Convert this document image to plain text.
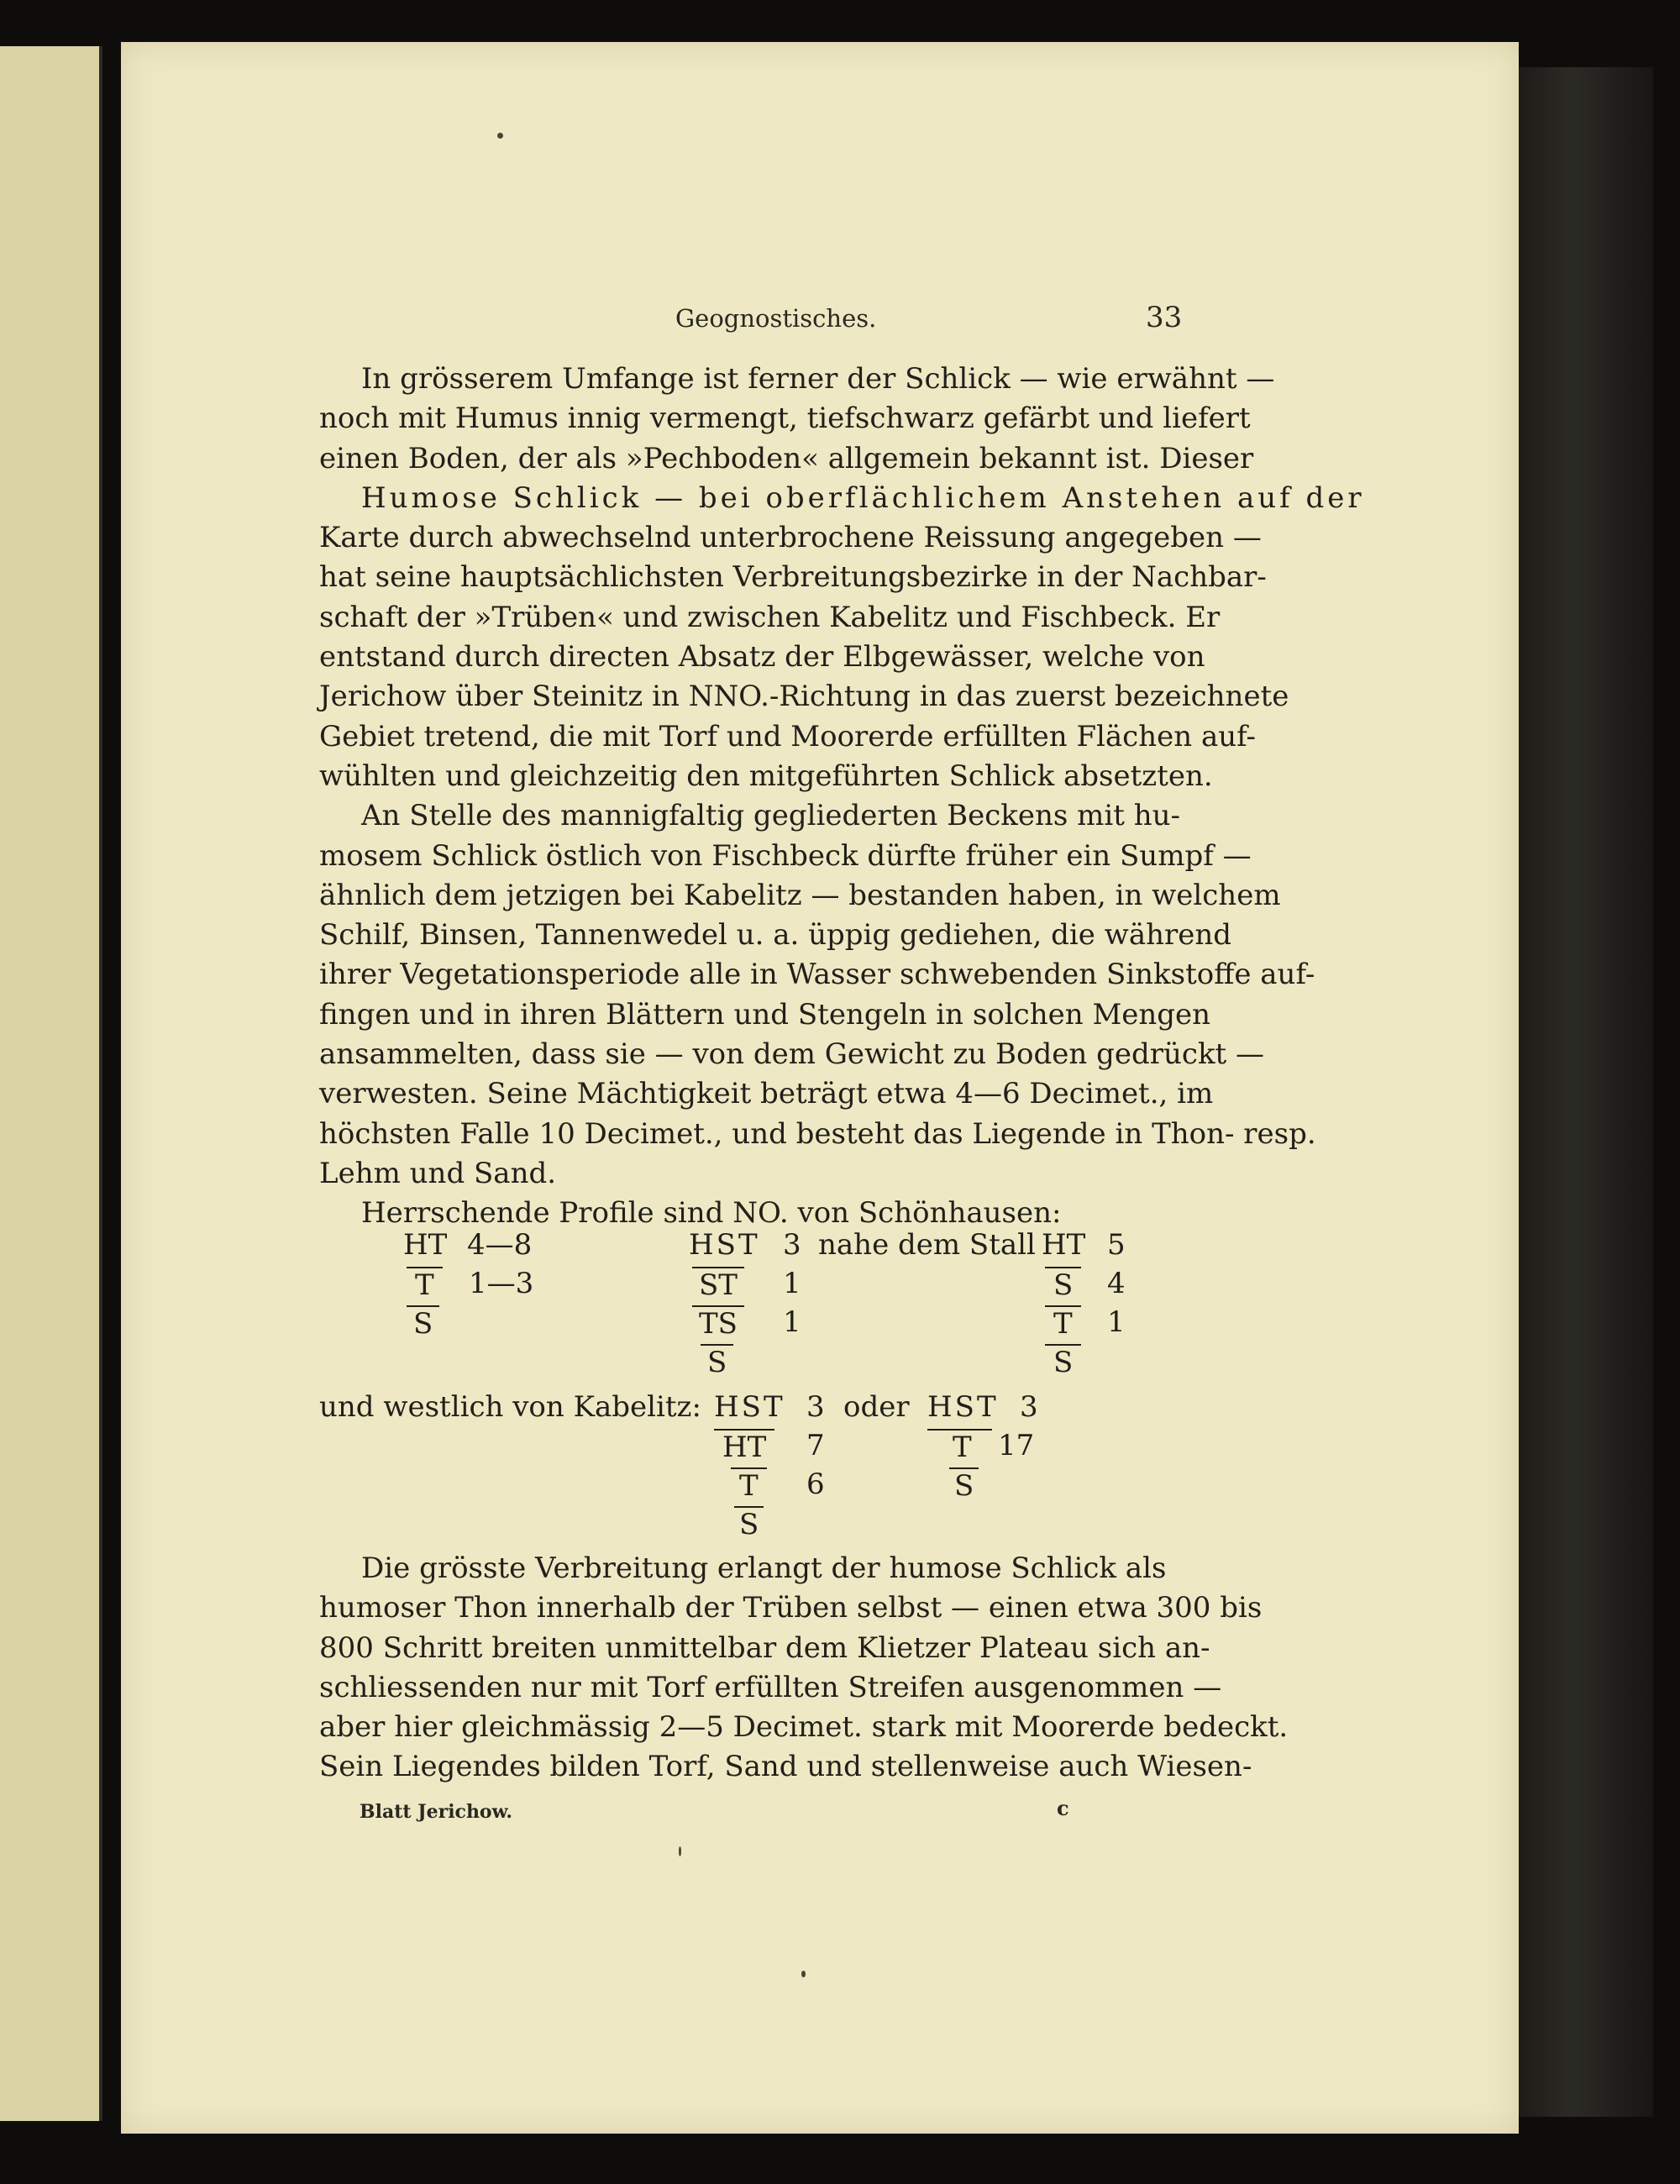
Geognostisches.	33
In grösserem Umfange ist ferner der Schlick — wie erwähnt —
noch mit Humus innig vermengt, tiefschwarz gefärbt und liefert
einen Boden, der als »Pechboden« allgemein bekannt ist. Dieser
Humose Schlick — bei oberflächlichem Anstehen auf der
Karte durch abwechselnd unterbrochene Reissung angegeben —
hat seine hauptsächlichsten Verbreitungsbezirke in der Nachbar-
schaft der »Trüben« und zwischen Kabelitz und Fischbeck. Er
entstand durch directen Absatz der Elbgewässer, welche von
Jerichow über Steinitz in NNO.-Richtung in das zuerst bezeichnete
Gebiet tretend, die mit Torf und Moorerde erfüllten Flächen auf-
wühlten und gleichzeitig den mitgeführten Schlick absetzten.
An Stelle des mannigfaltig gegliederten Beckens mit hu-
mosem Schlick östlich von Fischbeck dürfte früher ein Sumpf —
ähnlich dem jetzigen bei Kabelitz — bestanden haben, in welchem
Schilf, Binsen, Tannenwedel u. a. üppig gediehen, die während
ihrer Vegetationsperiode alle in Wasser schwebenden Sinkstoffe auf-
fingen und in ihren Blättern und Stengeln in solchen Mengen
ansammelten, dass sie — von dem Gewicht zu Boden gedrückt —
verwesten. Seine Mächtigkeit beträgt etwa 4—6 Decimet., im
höchsten Falle 10 Decimet., und besteht das Liegende in Thon- resp.
Lehm und Sand.
Herrschende Profile sind NO. von Schönhausen:
HT 4—8
T 1—3
S
HST 3 nahe dem Stall
ST 1
TS 1
S
HT 5
S 4
T 1
S
und westlich von Kabelitz: HST 3 oder
HT 7
T 6
S
HST 3
T 17
S
Die grösste Verbreitung erlangt der humose Schlick als
humoser Thon innerhalb der Trüben selbst — einen etwa 300 bis
800 Schritt breiten unmittelbar dem Klietzer Plateau sich an-
schliessenden nur mit Torf erfüllten Streifen ausgenommen —
aber hier gleichmässig 2—5 Decimet. stark mit Moorerde bedeckt.
Sein Liegendes bilden Torf, Sand und stellenweise auch Wiesen-
Blatt Jerichow.	c
